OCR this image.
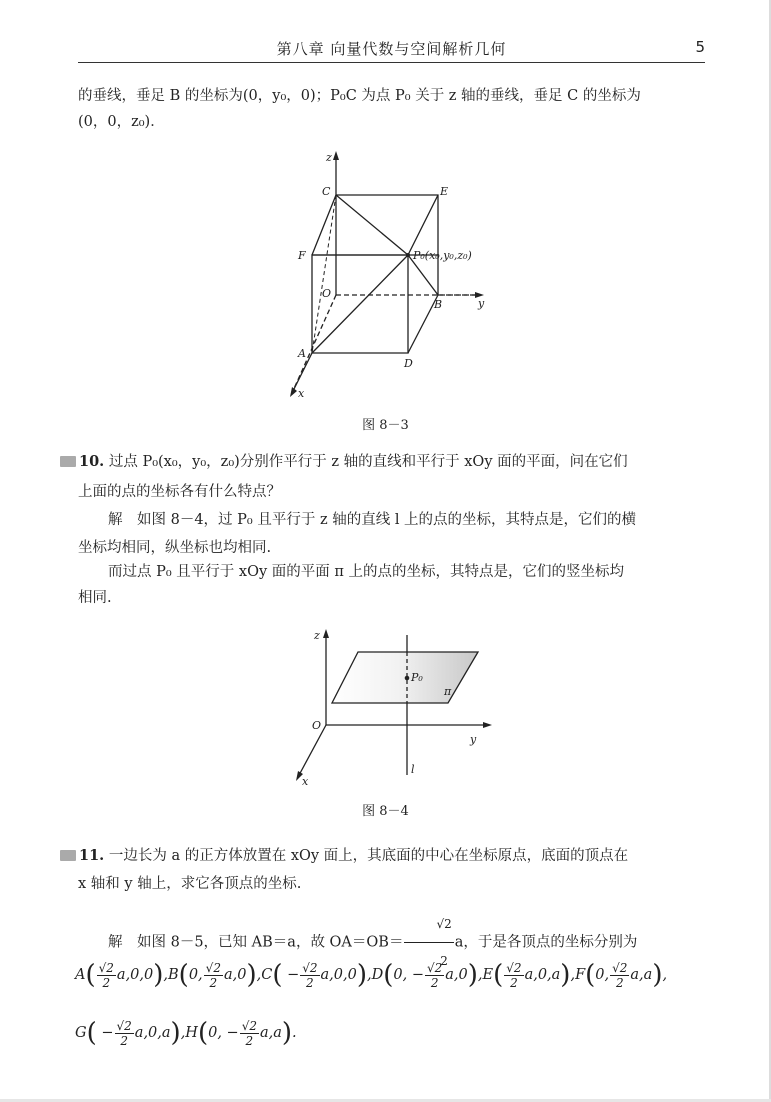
第八章 向量代数与空间解析几何	5
的垂线，垂足 B 的坐标为(0，y₀，0)；P₀C 为点 P₀ 关于 z 轴的垂线，垂足 C 的坐标为
(0，0，z₀)．
z
y
x
C	E
F	P₀(x₀,y₀,z₀)
O
B
A
D
图 8－3
10. 过点 P₀(x₀，y₀，z₀)分别作平行于 z 轴的直线和平行于 xOy 面的平面，问在它们
上面的点的坐标各有什么特点？
解　如图 8－4，过 P₀ 且平行于 z 轴的直线 l 上的点的坐标，其特点是，它们的横
坐标均相同，纵坐标也均相同.
而过点 P₀ 且平行于 xOy 面的平面 π 上的点的坐标，其特点是，它们的竖坐标均
相同.
z
P₀
π
O
y
x
l
图 8－4
11. 一边长为 a 的正方体放置在 xOy 面上，其底面的中心在坐标原点，底面的顶点在
x 轴和 y 轴上，求它各顶点的坐标.
解　如图 8－5，已知 AB＝a，故 $OA=OB= \frac{√2}{2}$ a，于是各顶点的坐标分别为
$A( \frac{√2}{2} a,0,0),B(0$, $\frac{√2}{2} a,0),C( - \frac{√2}{2} a,0,0),D(0$, − $\frac{√2}{2} a,0),E( \frac{√2}{2} a,0,a),F(0$, $\frac{√2}{2} a,a$),
$G( - \frac{√2}{2} a,0,a),H(0$, − $\frac{√2}{2} a,a$).
